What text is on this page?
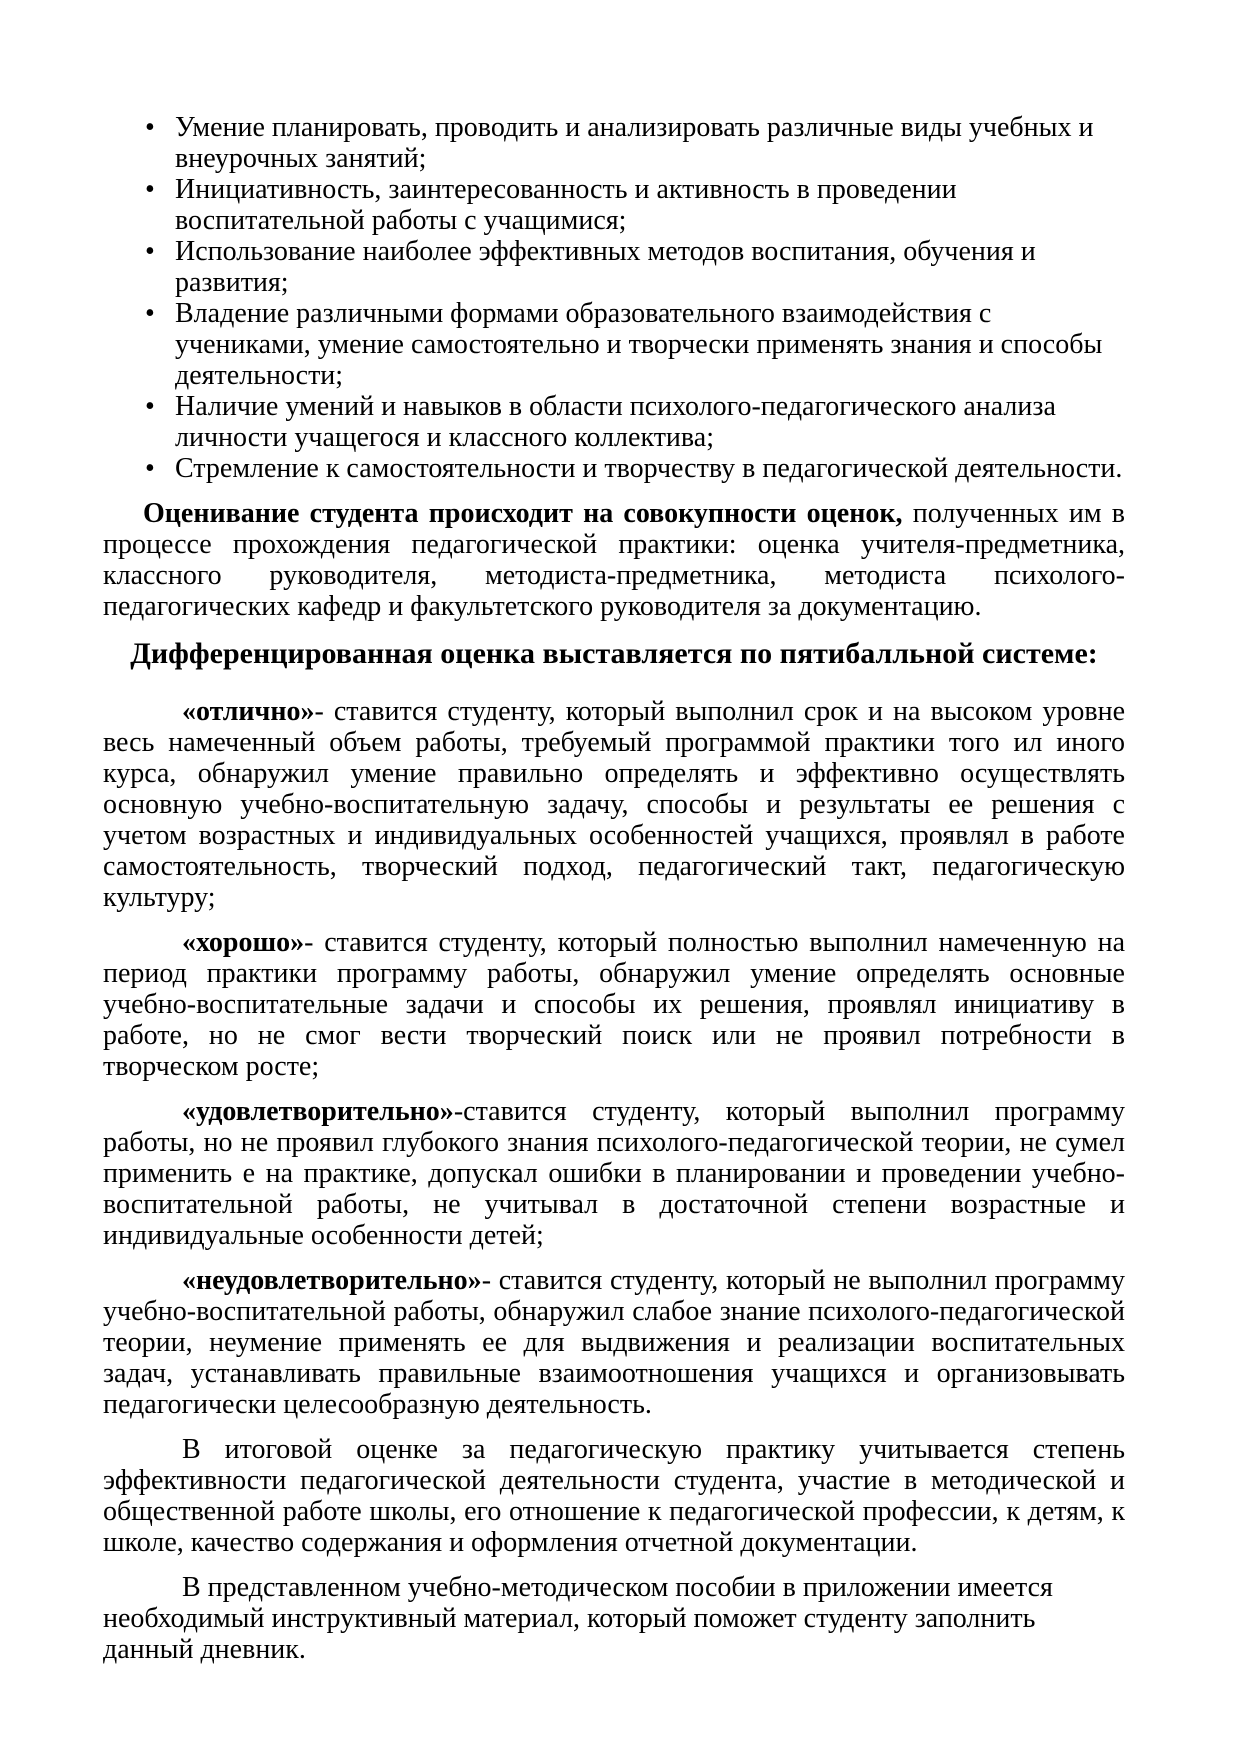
• Умение планировать, проводить и анализировать различные виды учебных и внеурочных занятий;
• Инициативность, заинтересованность и активность в проведении воспитательной работы с учащимися;
• Использование наиболее эффективных методов воспитания, обучения и развития;
• Владение различными формами образовательного взаимодействия с учениками, умение самостоятельно и творчески применять знания и способы деятельности;
• Наличие умений и навыков в области психолого-педагогического анализа личности учащегося и классного коллектива;
• Стремление к самостоятельности и творчеству в педагогической деятельности.

Оценивание студента происходит на совокупности оценок, полученных им в процессе прохождения педагогической практики: оценка учителя-предметника, классного руководителя, методиста-предметника, методиста психолого-педагогических кафедр и факультетского руководителя за документацию.

Дифференцированная оценка выставляется по пятибалльной системе:

«отлично»- ставится студенту, который выполнил срок и на высоком уровне весь намеченный объем работы, требуемый программой практики того ил иного курса, обнаружил умение правильно определять и эффективно осуществлять основную учебно-воспитательную задачу, способы и результаты ее решения с учетом возрастных и индивидуальных особенностей учащихся, проявлял в работе самостоятельность, творческий подход, педагогический такт, педагогическую культуру;

«хорошо»- ставится студенту, который полностью выполнил намеченную на период практики программу работы, обнаружил умение определять основные учебно-воспитательные задачи и способы их решения, проявлял инициативу в работе, но не смог вести творческий поиск или не проявил потребности в творческом росте;

«удовлетворительно»-ставится студенту, который выполнил программу работы, но не проявил глубокого знания психолого-педагогической теории, не сумел применить е на практике, допускал ошибки в планировании и проведении учебно-воспитательной работы, не учитывал в достаточной степени возрастные и индивидуальные особенности детей;

«неудовлетворительно»- ставится студенту, который не выполнил программу учебно-воспитательной работы, обнаружил слабое знание психолого-педагогической теории, неумение применять ее для выдвижения и реализации воспитательных задач, устанавливать правильные взаимоотношения учащихся и организовывать педагогически целесообразную деятельность.

В итоговой оценке за педагогическую практику учитывается степень эффективности педагогической деятельности студента, участие в методической и общественной работе школы, его отношение к педагогической профессии, к детям, к школе, качество содержания и оформления отчетной документации.

В представленном учебно-методическом пособии в приложении имеется необходимый инструктивный материал, который поможет студенту заполнить данный дневник.
